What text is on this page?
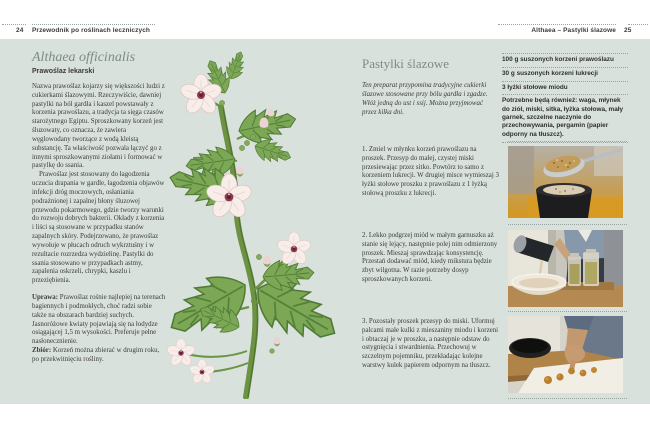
24 Przewodnik po roślinach leczniczych	Althaea – Pastylki ślazowe 25
Althaea officinalis
Prawoślaz lekarski

Nazwa prawoślaz kojarzy się większości ludzi z cukierkami ślazowymi. Rzeczywiście, dawniej pastylki na ból gardła i kaszel powstawały z korzenia prawoślazu, a tradycja ta sięga czasów starożytnego Egiptu. Sproszkowany korzeń jest śluzowaty, co oznacza, że zawiera węglowodany tworzące z wodą kleistą substancję. Ta właściwość pozwala łączyć go z innymi sproszkowanymi ziołami i formować w pastylkę do ssania.

Prawoślaz jest stosowany do łagodzenia uczucia drapania w gardle, łagodzenia objawów infekcji dróg moczowych, osłaniania podrażnionej i zapalnej błony śluzowej przewodu pokarmowego, gdzie tworzy warunki do rozwoju dobrych bakterii. Okłady z korzenia i liści są stosowane w przypadku stanów zapalnych skóry. Podejrzewano, że prawoślaz wywołuje w płucach odruch wykrztuśny i w rezultacie rozrzedza wydzielinę. Pastylki do ssania stosowano w przypadkach astmy, zapalenia oskrzeli, chrypki, kaszlu i przeziębienia.

Uprawa: Prawoślaz rośnie najlepiej na terenach bagiennych i podmokłych, choć radzi sobie także na obszarach bardziej suchych. Jasnoróżowe kwiaty pojawiają się na łodydze osiągającej 1,5 m wysokości. Preferuje pełne nasłonecznienie.

Zbiór: Korzeń można zbierać w drugim roku, po przekwitnięciu rośliny.

Pastylki ślazowe
Ten preparat przypomina tradycyjne cukierki ślazowe stosowane przy bólu gardła i zgadze. Włóż jedną do ust i ssij. Można przyjmować przez kilka dni.
100 g suszonych korzeni prawoślazu
30 g suszonych korzeni lukrecji
3 łyżki stołowe miodu
Potrzebne będą również: waga, młynek do ziół, miski, sitka, łyżka stołowa, mały garnek, szczelne naczynie do przechowywania, pergamin (papier odporny na tłuszcz).
1. Zmiel w młynku korzeń prawoślazu na proszek. Przesyp do małej, czystej miski przesiewając przez sitko. Powtórz to samo z korzeniem lukrecji. W drugiej misce wymieszaj 3 łyżki stołowe proszku z prawoślazu z 1 łyżką stołową proszku z lukrecji.
2. Lekko podgrzej miód w małym garnuszku aż stanie się lejący, następnie polej nim odmierzony proszek. Mieszaj sprawdzając konsystencję. Przestań dodawać miód, kiedy mikstura będzie zbyt wilgotna. W razie potrzeby dosyp sproszkowanych korzeni.
3. Pozostały proszek przesyp do miski. Uformuj palcami małe kulki z mieszaniny miodu i korzeni i obtaczaj je w proszku, a następnie odstaw do ostygnięcia i stwardnienia. Przechowuj w szczelnym pojemniku, przekładając kolejne warstwy kulek papierem odpornym na tłuszcz.
